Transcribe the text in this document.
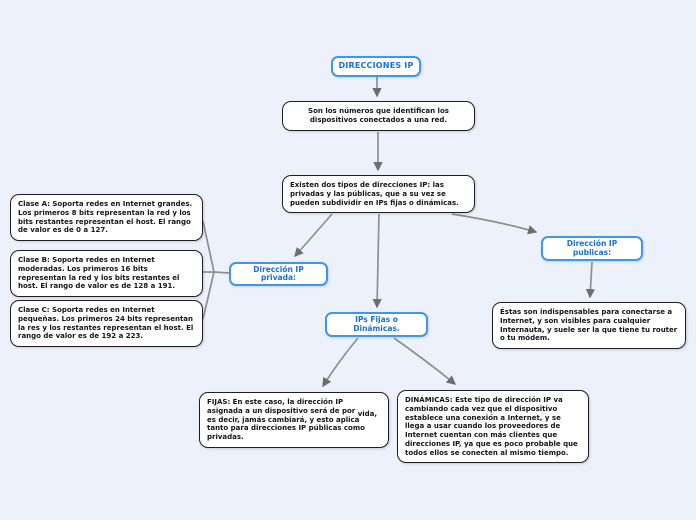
DIRECCIONES IP
Son los números que identifican los dispositivos conectados a una red.
Existen dos tipos de direcciones IP: las privadas y las públicas, que a su vez se pueden subdividir en IPs fijas o dinámicas.
Clase A: Soporta redes en Internet grandes. Los primeros 8 bits representan la red y los bits restantes representan el host. El rango de valor es de 0 a 127.
Clase B: Soporta redes en Internet moderadas. Los primeros 16 bits representan la red y los bits restantes el host. El rango de valor es de 128 a 191.
Clase C: Soporta redes en Internet pequeñas. Los primeros 24 bits representan la res y los restantes representan el host. El rango de valor es de 192 a 223.
Dirección IP privada:
Dirección IP publicas:
IPs Fijas o Dinámicas.
Éstas son indispensables para conectarse a Internet, y son visibles para cualquier Internauta, y suele ser la que tiene tu router o tu módem.
FIJAS: En este caso, la dirección IP asignada a un dispositivo será de por vida, es decir, jamás cambiará, y esto aplica tanto para direcciones IP públicas como privadas.
DINÁMICAS: Este tipo de dirección IP va cambiando cada vez que el dispositivo establece una conexión a Internet, y se llega a usar cuando los proveedores de Internet cuentan con más clientes que direcciones IP, ya que es poco probable que todos ellos se conecten al mismo tiempo.
